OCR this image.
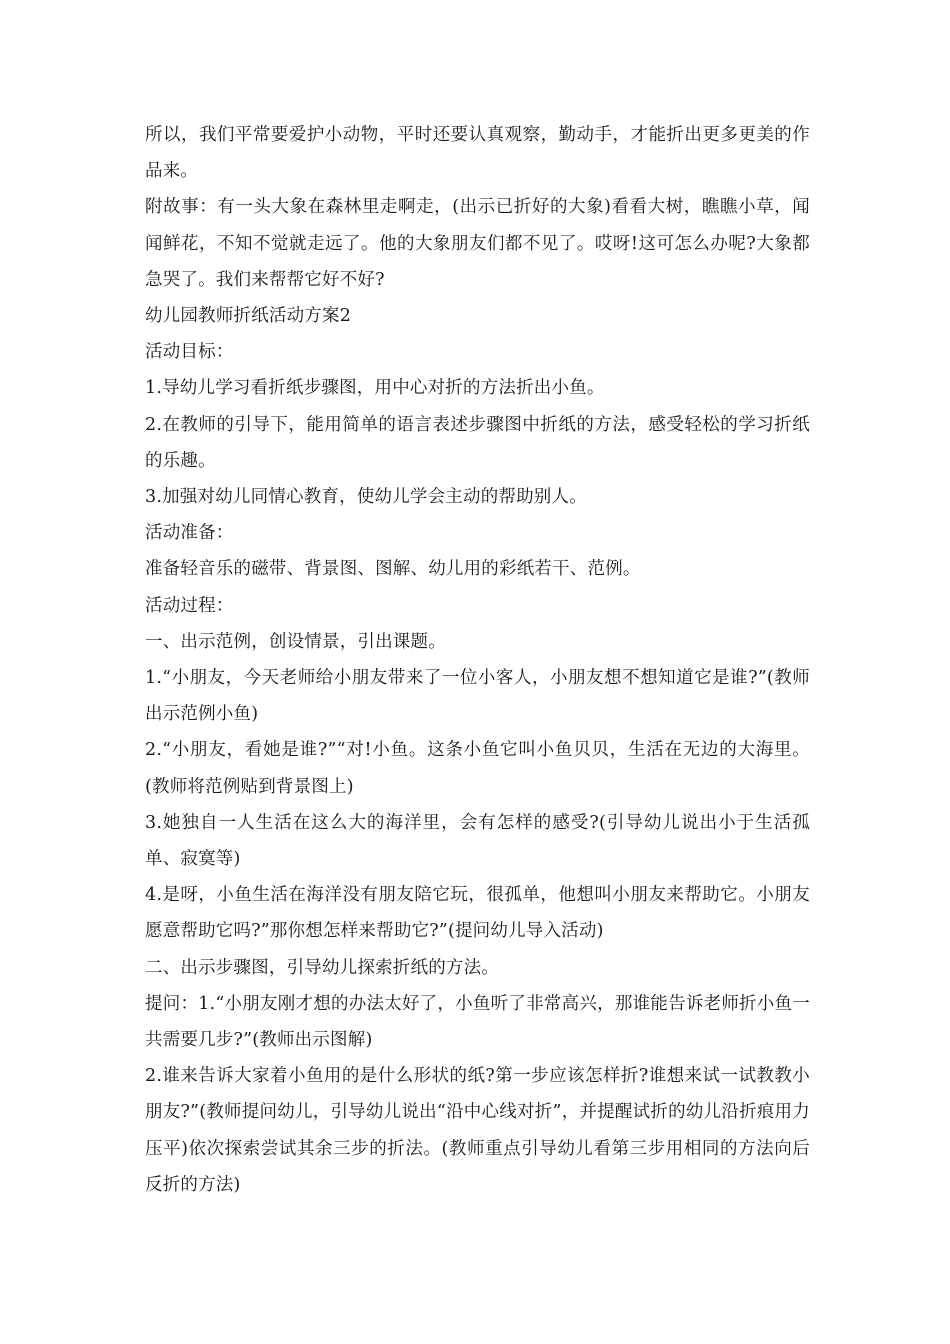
所以，我们平常要爱护小动物，平时还要认真观察，勤动手，才能折出更多更美的作品来。

附故事：有一头大象在森林里走啊走，(出示已折好的大象)看看大树，瞧瞧小草，闻闻鲜花，不知不觉就走远了。他的大象朋友们都不见了。哎呀!这可怎么办呢?大象都急哭了。我们来帮帮它好不好?

幼儿园教师折纸活动方案2

活动目标：

1.导幼儿学习看折纸步骤图，用中心对折的方法折出小鱼。

2.在教师的引导下，能用简单的语言表述步骤图中折纸的方法，感受轻松的学习折纸的乐趣。

3.加强对幼儿同情心教育，使幼儿学会主动的帮助别人。

活动准备：

准备轻音乐的磁带、背景图、图解、幼儿用的彩纸若干、范例。

活动过程：

一、出示范例，创设情景，引出课题。

1.“小朋友，今天老师给小朋友带来了一位小客人，小朋友想不想知道它是谁?”(教师出示范例小鱼)

2.“小朋友，看她是谁?”“对!小鱼。这条小鱼它叫小鱼贝贝，生活在无边的大海里。(教师将范例贴到背景图上)

3.她独自一人生活在这么大的海洋里，会有怎样的感受?(引导幼儿说出小于生活孤单、寂寞等)

4.是呀，小鱼生活在海洋没有朋友陪它玩，很孤单，他想叫小朋友来帮助它。小朋友愿意帮助它吗?”那你想怎样来帮助它?”(提问幼儿导入活动)

二、出示步骤图，引导幼儿探索折纸的方法。

提问：1.“小朋友刚才想的办法太好了，小鱼听了非常高兴，那谁能告诉老师折小鱼一共需要几步?”(教师出示图解)

2.谁来告诉大家着小鱼用的是什么形状的纸?第一步应该怎样折?谁想来试一试教教小朋友?”(教师提问幼儿，引导幼儿说出“沿中心线对折”，并提醒试折的幼儿沿折痕用力压平)依次探索尝试其余三步的折法。(教师重点引导幼儿看第三步用相同的方法向后反折的方法)
